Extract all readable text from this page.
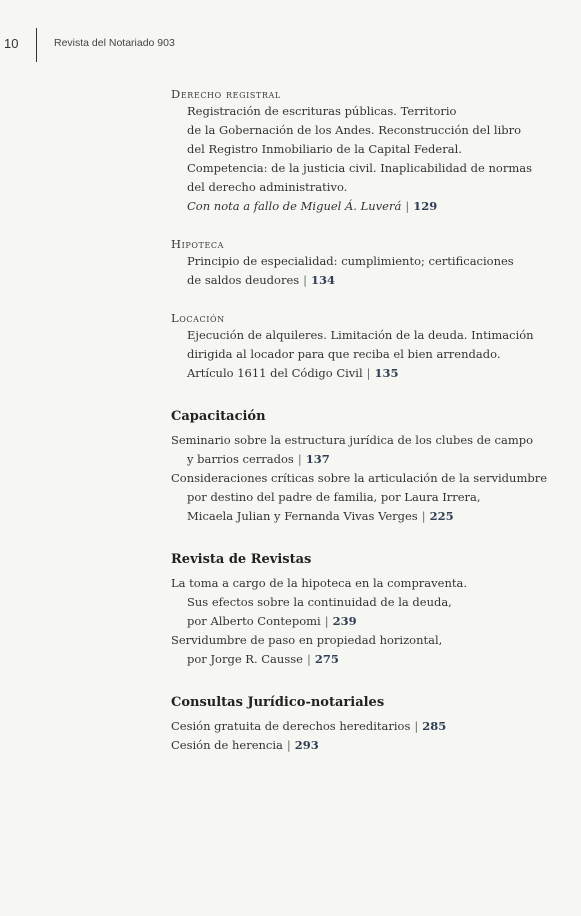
10	Revista del Notariado 903
Derecho registral
Registración de escrituras públicas. Territorio
de la Gobernación de los Andes. Reconstrucción del libro
del Registro Inmobiliario de la Capital Federal.
Competencia: de la justicia civil. Inaplicabilidad de normas
del derecho administrativo.
Con nota a fallo de Miguel Á. Luverá | 129
Hipoteca
Principio de especialidad: cumplimiento; certificaciones
de saldos deudores | 134
Locación
Ejecución de alquileres. Limitación de la deuda. Intimación
dirigida al locador para que reciba el bien arrendado.
Artículo 1611 del Código Civil | 135
Capacitación
Seminario sobre la estructura jurídica de los clubes de campo
y barrios cerrados | 137
Consideraciones críticas sobre la articulación de la servidumbre
por destino del padre de familia, por Laura Irrera,
Micaela Julian y Fernanda Vivas Verges | 225
Revista de Revistas
La toma a cargo de la hipoteca en la compraventa.
Sus efectos sobre la continuidad de la deuda,
por Alberto Contepomi | 239
Servidumbre de paso en propiedad horizontal,
por Jorge R. Causse | 275
Consultas Jurídico-notariales
Cesión gratuita de derechos hereditarios | 285
Cesión de herencia | 293
